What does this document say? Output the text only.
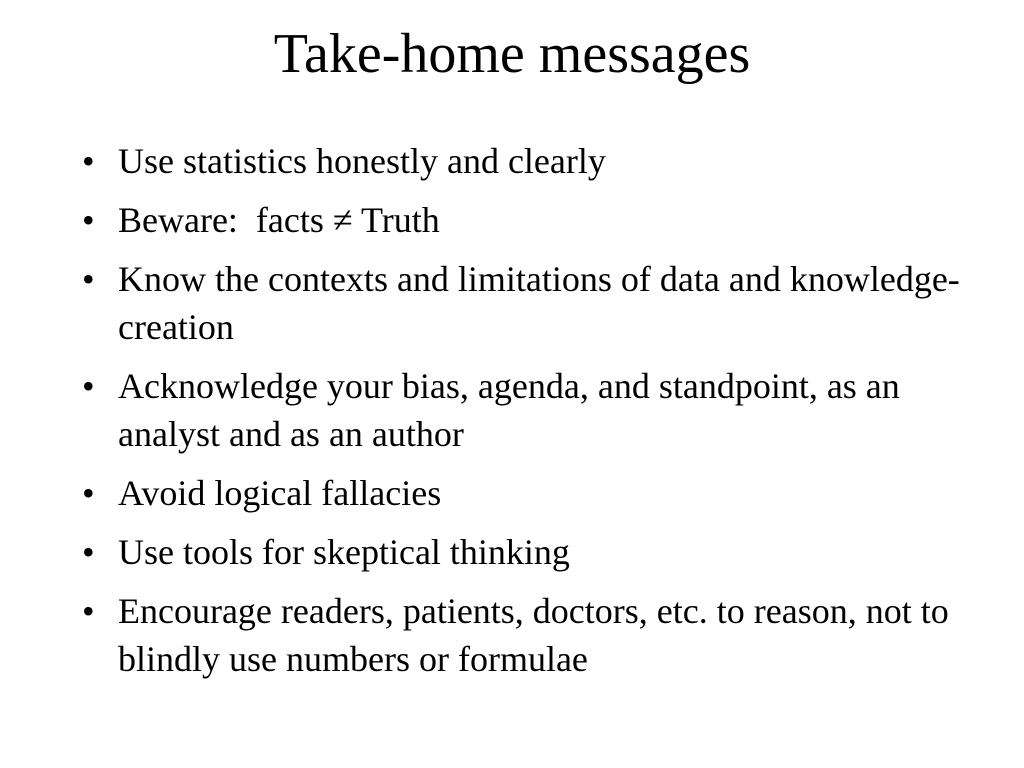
Take-home messages
• Use statistics honestly and clearly
• Beware:  facts ≠ Truth
• Know the contexts and limitations of data and knowledge-creation
• Acknowledge your bias, agenda, and standpoint, as an analyst and as an author
• Avoid logical fallacies
• Use tools for skeptical thinking
• Encourage readers, patients, doctors, etc. to reason, not to blindly use numbers or formulae
